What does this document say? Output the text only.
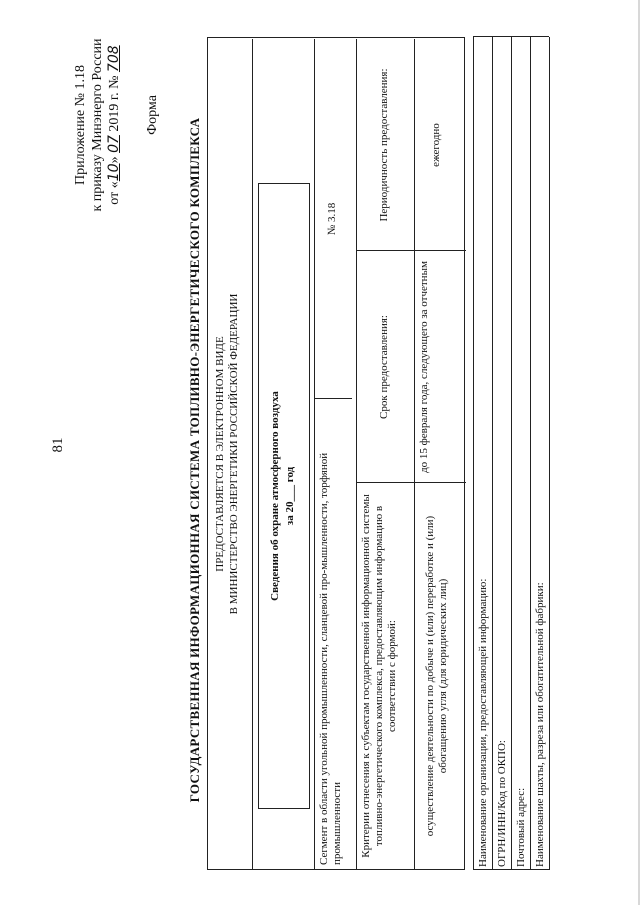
81
Приложение № 1.18 к приказу Минэнерго России от «10» 07 2019 г. № 708
Форма
ГОСУДАРСТВЕННАЯ ИНФОРМАЦИОННАЯ СИСТЕМА ТОПЛИВНО-ЭНЕРГЕТИЧЕСКОГО КОМПЛЕКСА ПРЕДОСТАВЛЯЕТСЯ В ЭЛЕКТРОННОМ ВИДЕ В МИНИСТЕРСТВО ЭНЕРГЕТИКИ РОССИЙСКОЙ ФЕДЕРАЦИИ	Сведения об охране атмосферного воздуха за 20___ год Сегмент в области угольной промышленности, сланцевой про-мышленности, торфяной промышленности
№ 3.18
Критерии отнесения к субъектам государственной информационной системы топливно-энергетического комплекса, предоставляющим информацию в соответствии с формой:
Срок предоставления:
Периодичность предоставления:
осуществление деятельности по добыче и (или) переработке и (или) обогащению угля (для юридических лиц)
до 15 февраля года, следующего за отчетным
ежегодно
Наименование организации, предоставляющей информацию: ОГРН/ИНН/Код по ОКПО: Почтовый адрес: Наименование шахты, разреза или обогатительной фабрики:
